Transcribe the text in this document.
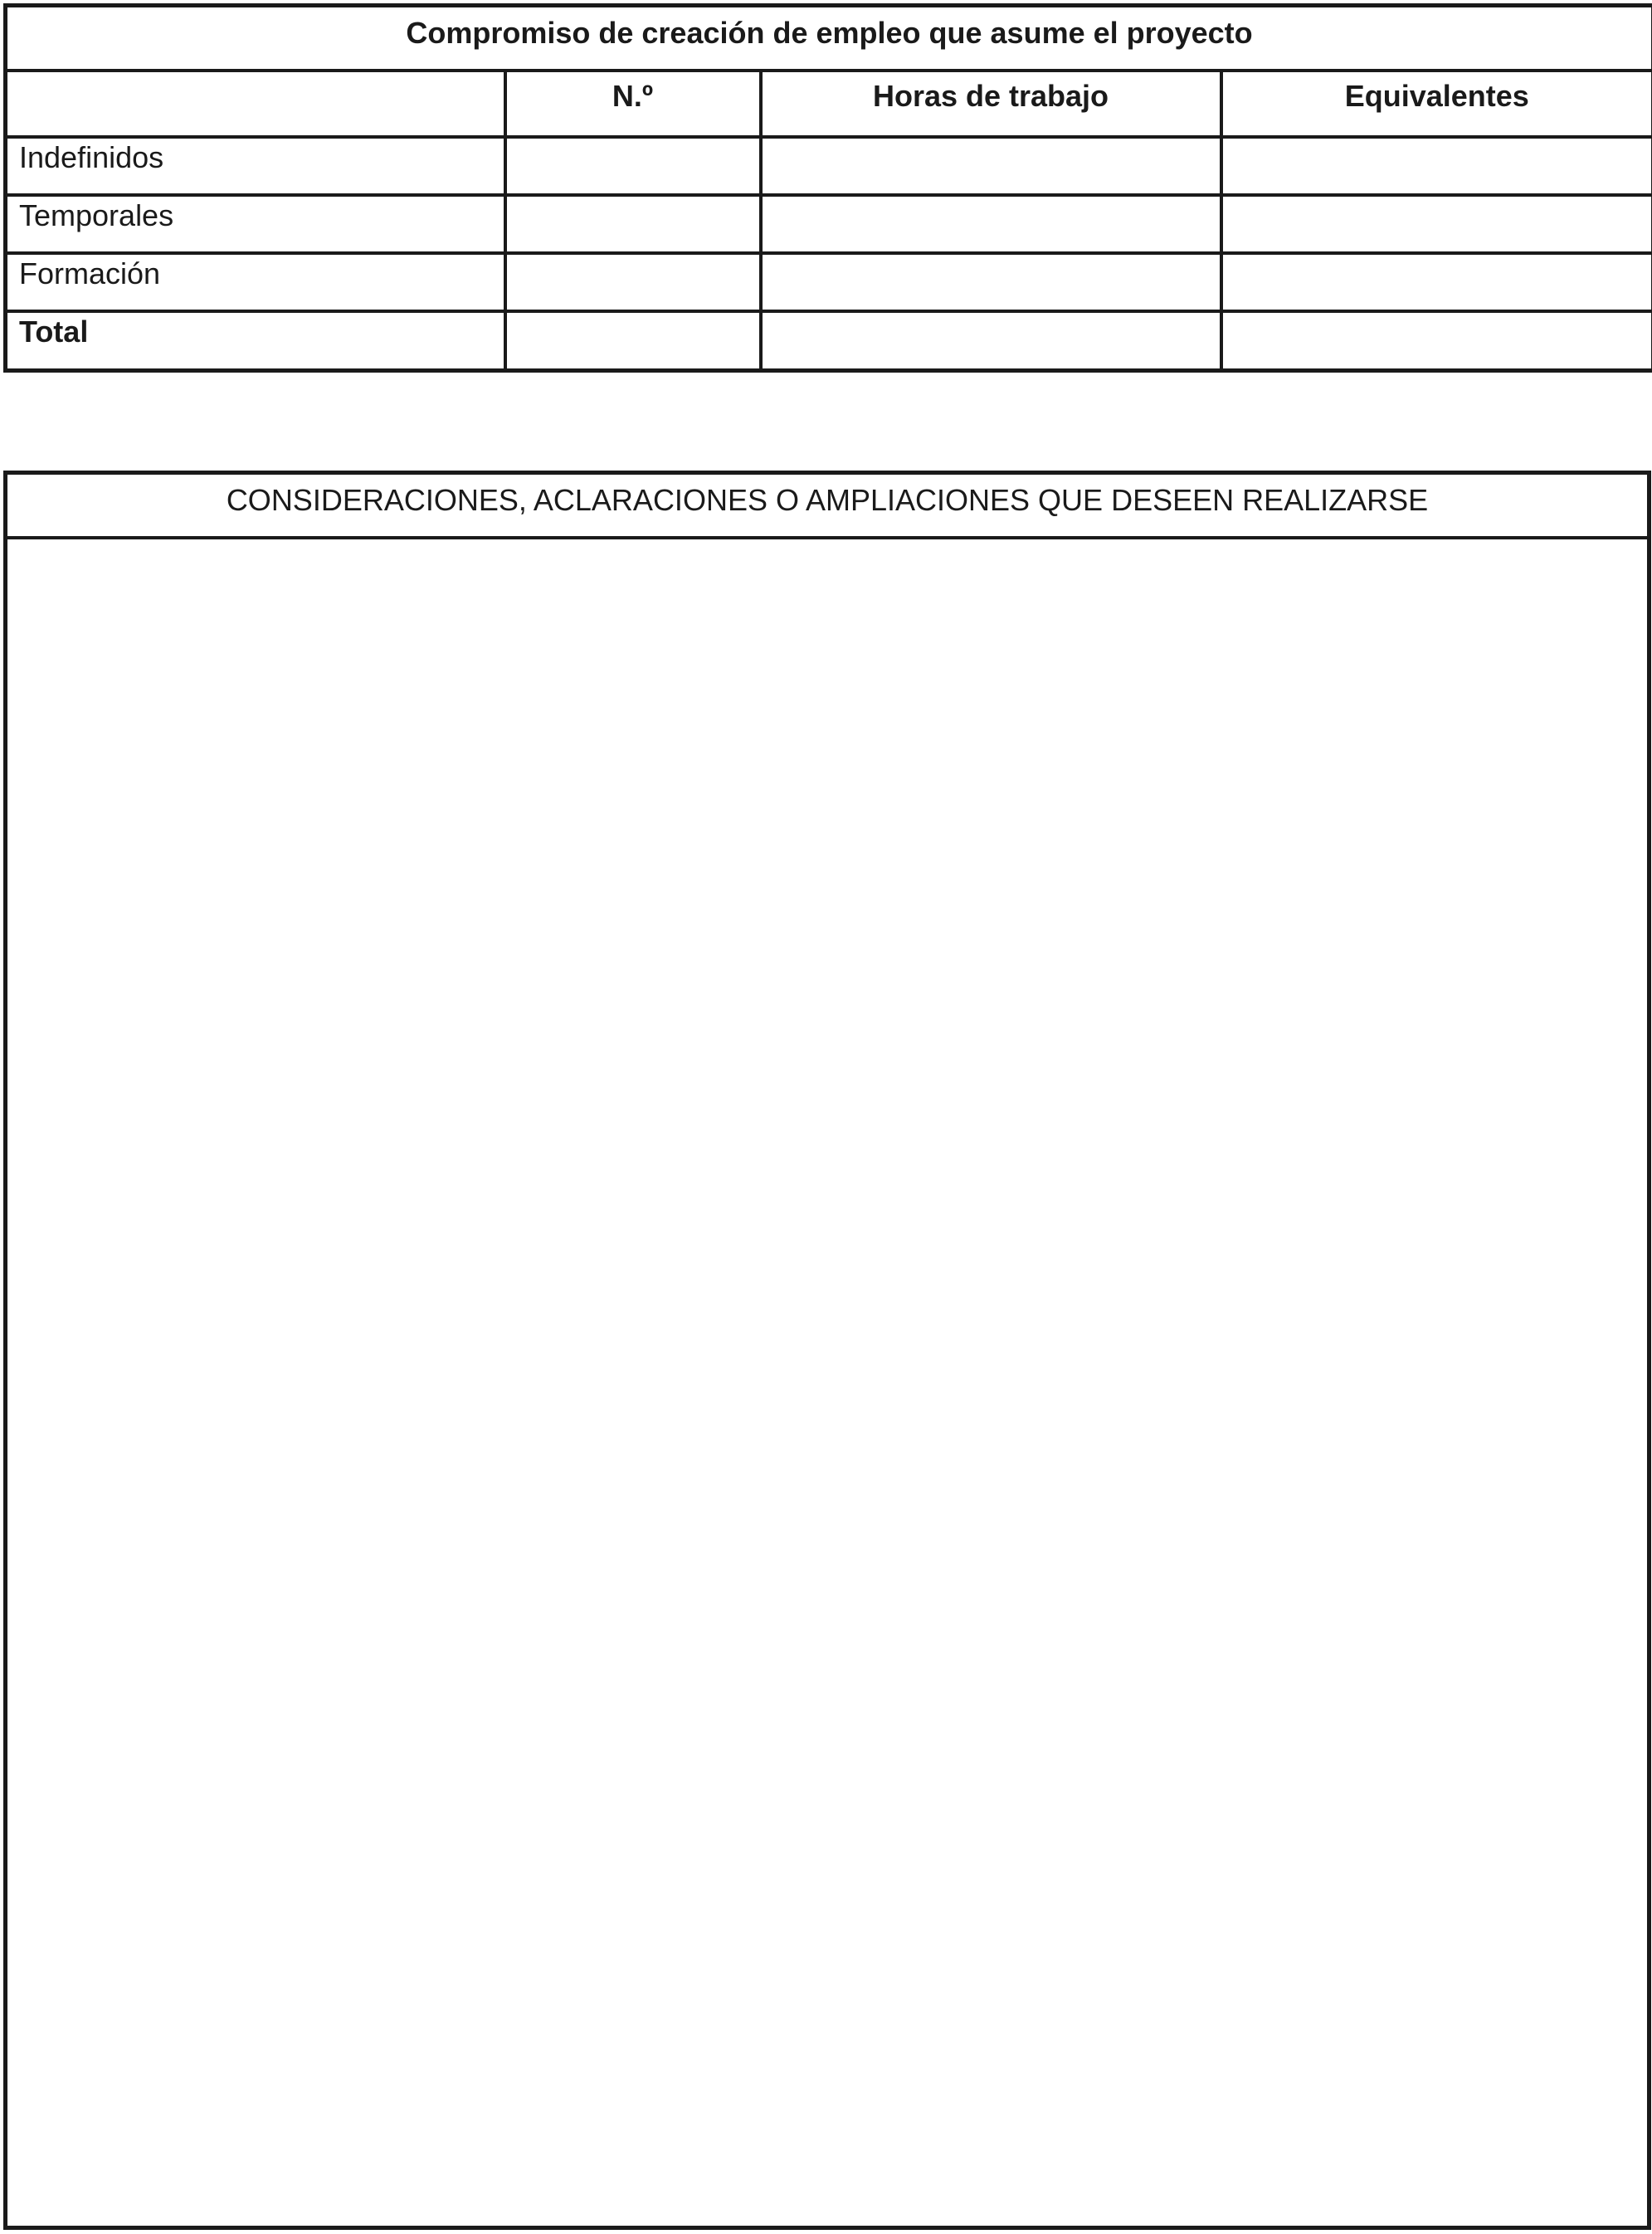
Compromiso de creación de empleo que asume el proyecto			
	N.º	Horas de trabajo	Equivalentes
Indefinidos			
Temporales			
Formación			
Total			
CONSIDERACIONES, ACLARACIONES O AMPLIACIONES QUE DESEEN REALIZARSE
